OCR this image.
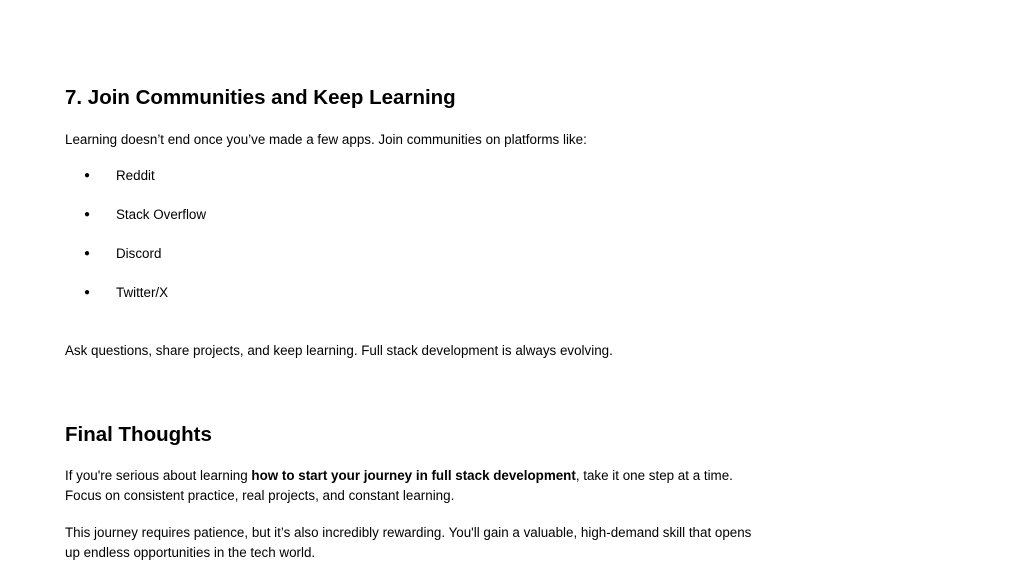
7. Join Communities and Keep Learning

Learning doesn’t end once you’ve made a few apps. Join communities on platforms like:

● Reddit
● Stack Overflow
● Discord
● Twitter/X

Ask questions, share projects, and keep learning. Full stack development is always evolving.

Final Thoughts

If you're serious about learning how to start your journey in full stack development, take it one step at a time. Focus on consistent practice, real projects, and constant learning.

This journey requires patience, but it’s also incredibly rewarding. You'll gain a valuable, high-demand skill that opens up endless opportunities in the tech world.
